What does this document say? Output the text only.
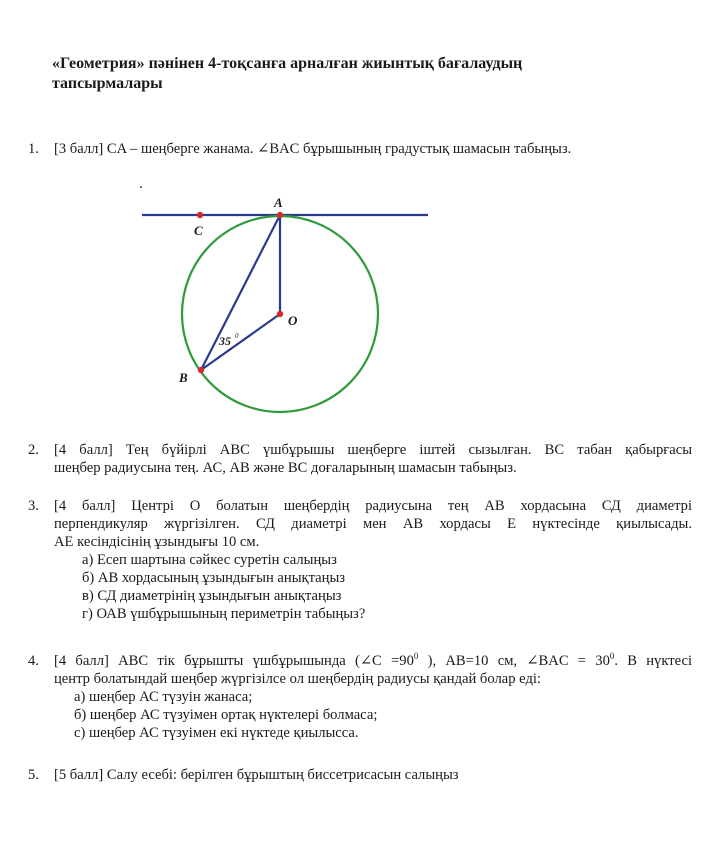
«Геометрия» пәнінен 4-тоқсанға арналған жиынтық бағалаудың
тапсырмалары
1. [3 балл] CA – шеңберге жанама. ∠BAC бұрышының градустық шамасын табыңыз.
A
C
O
B
35 0
2. [4 балл] Тең бүйірлі ABC үшбұрышы шеңберге іштей сызылған. ВС табан қабырғасы
шеңбер радиусына тең. АС, АВ және ВС доғаларының шамасын табыңыз.
3. [4 балл] Центрі O болатын шеңбердің радиусына тең АВ хордасына СД диаметрі
перпендикуляр жүргізілген. СД диаметрі мен АВ хордасы Е нүктесінде қиылысады.
АЕ кесіндісінің ұзындығы 10 см.
а) Есеп шартына сәйкес суретін салыңыз
б) АВ хордасының ұзындығын анықтаңыз
в) СД диаметрінің ұзындығын анықтаңыз
г) ОАВ үшбұрышының периметрін табыңыз?
4. [4 балл] АВС тік бұрышты үшбұрышында (∠C $=90^0$ ), AB=10 см, ∠BAC = $30^0$. В нүктесі
центр болатындай шеңбер жүргізілсе ол шеңбердің радиусы қандай болар еді:
а) шеңбер АС түзуін жанаса;
б) шеңбер АС түзуімен ортақ нүктелері болмаса;
с) шеңбер АС түзуімен екі нүктеде қиылысса.
5. [5 балл] Салу есебі: берілген бұрыштың биссетрисасын салыңыз
